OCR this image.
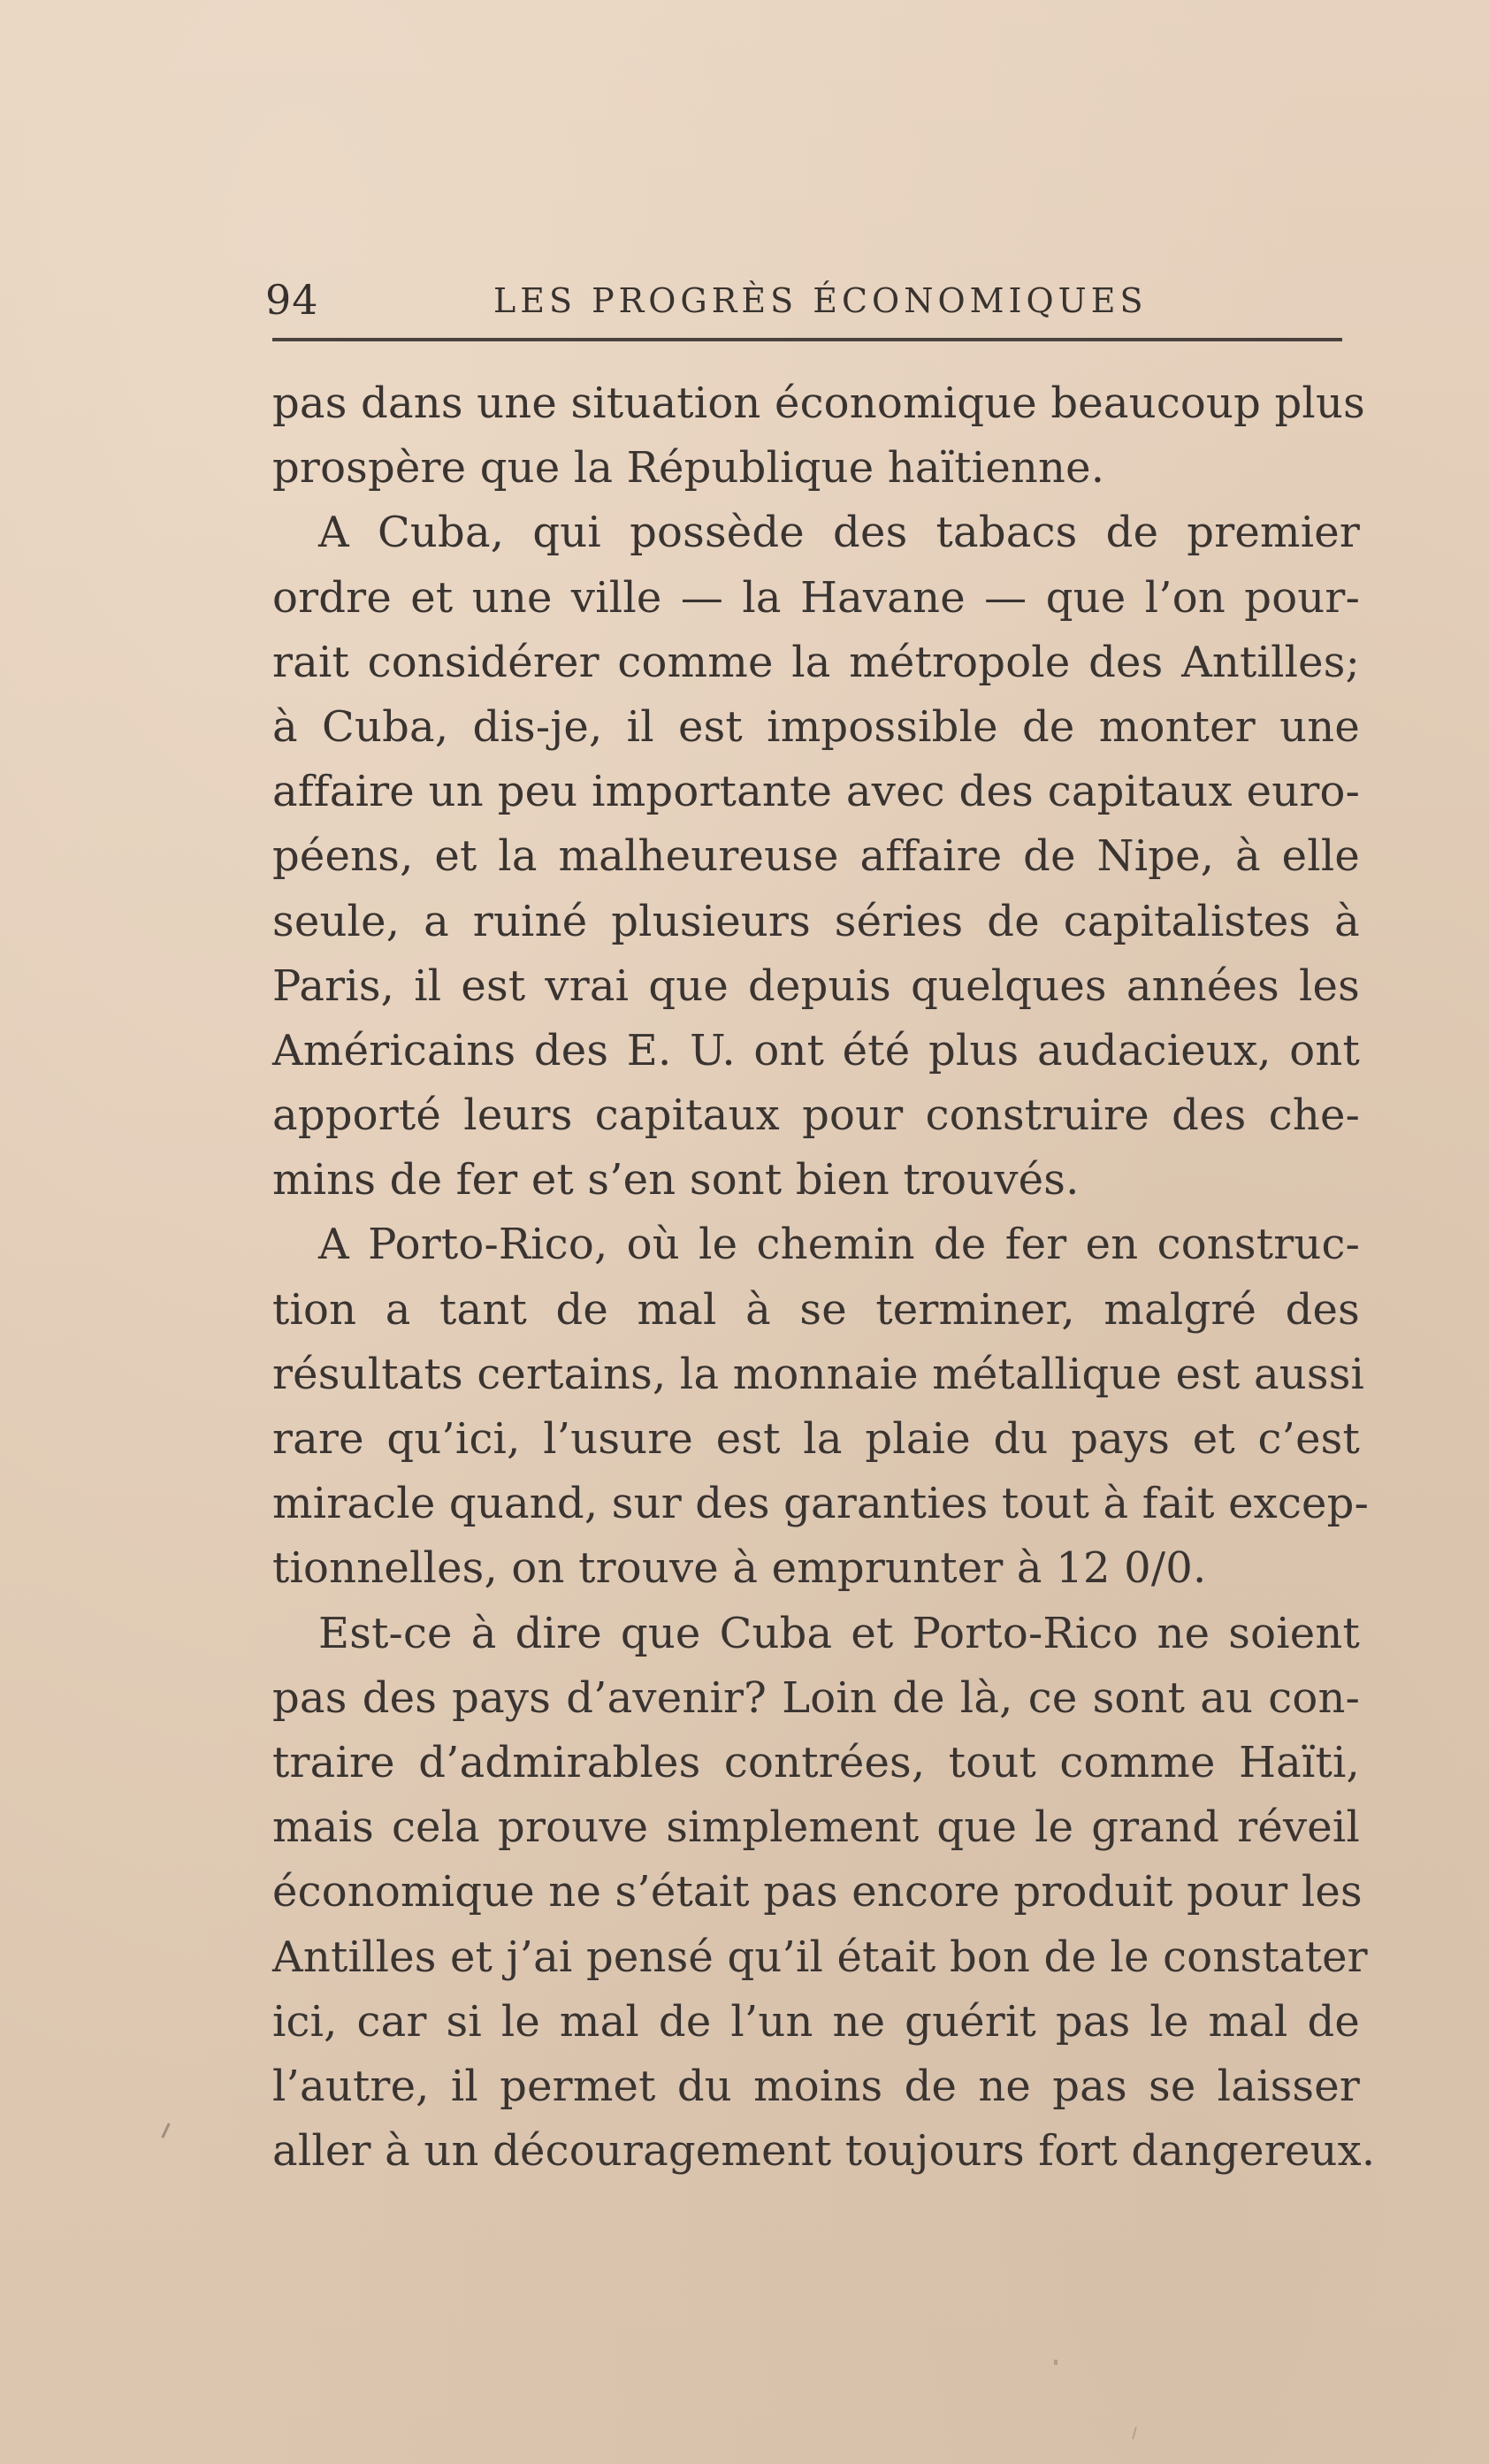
94	LES PROGRÈS ÉCONOMIQUES
pas dans une situation économique beaucoup plus
prospère que la République haïtienne.
A Cuba, qui possède des tabacs de premier
ordre et une ville — la Havane — que l’on pour-
rait considérer comme la métropole des Antilles;
à Cuba, dis-je, il est impossible de monter une
affaire un peu importante avec des capitaux euro-
péens, et la malheureuse affaire de Nipe, à elle
seule, a ruiné plusieurs séries de capitalistes à
Paris, il est vrai que depuis quelques années les
Américains des E. U. ont été plus audacieux, ont
apporté leurs capitaux pour construire des che-
mins de fer et s’en sont bien trouvés.
A Porto-Rico, où le chemin de fer en construc-
tion a tant de mal à se terminer, malgré des
résultats certains, la monnaie métallique est aussi
rare qu’ici, l’usure est la plaie du pays et c’est
miracle quand, sur des garanties tout à fait excep-
tionnelles, on trouve à emprunter à 12 0/0.
Est-ce à dire que Cuba et Porto-Rico ne soient
pas des pays d’avenir? Loin de là, ce sont au con-
traire d’admirables contrées, tout comme Haïti,
mais cela prouve simplement que le grand réveil
économique ne s’était pas encore produit pour les
Antilles et j’ai pensé qu’il était bon de le constater
ici, car si le mal de l’un ne guérit pas le mal de
l’autre, il permet du moins de ne pas se laisser
aller à un découragement toujours fort dangereux.
